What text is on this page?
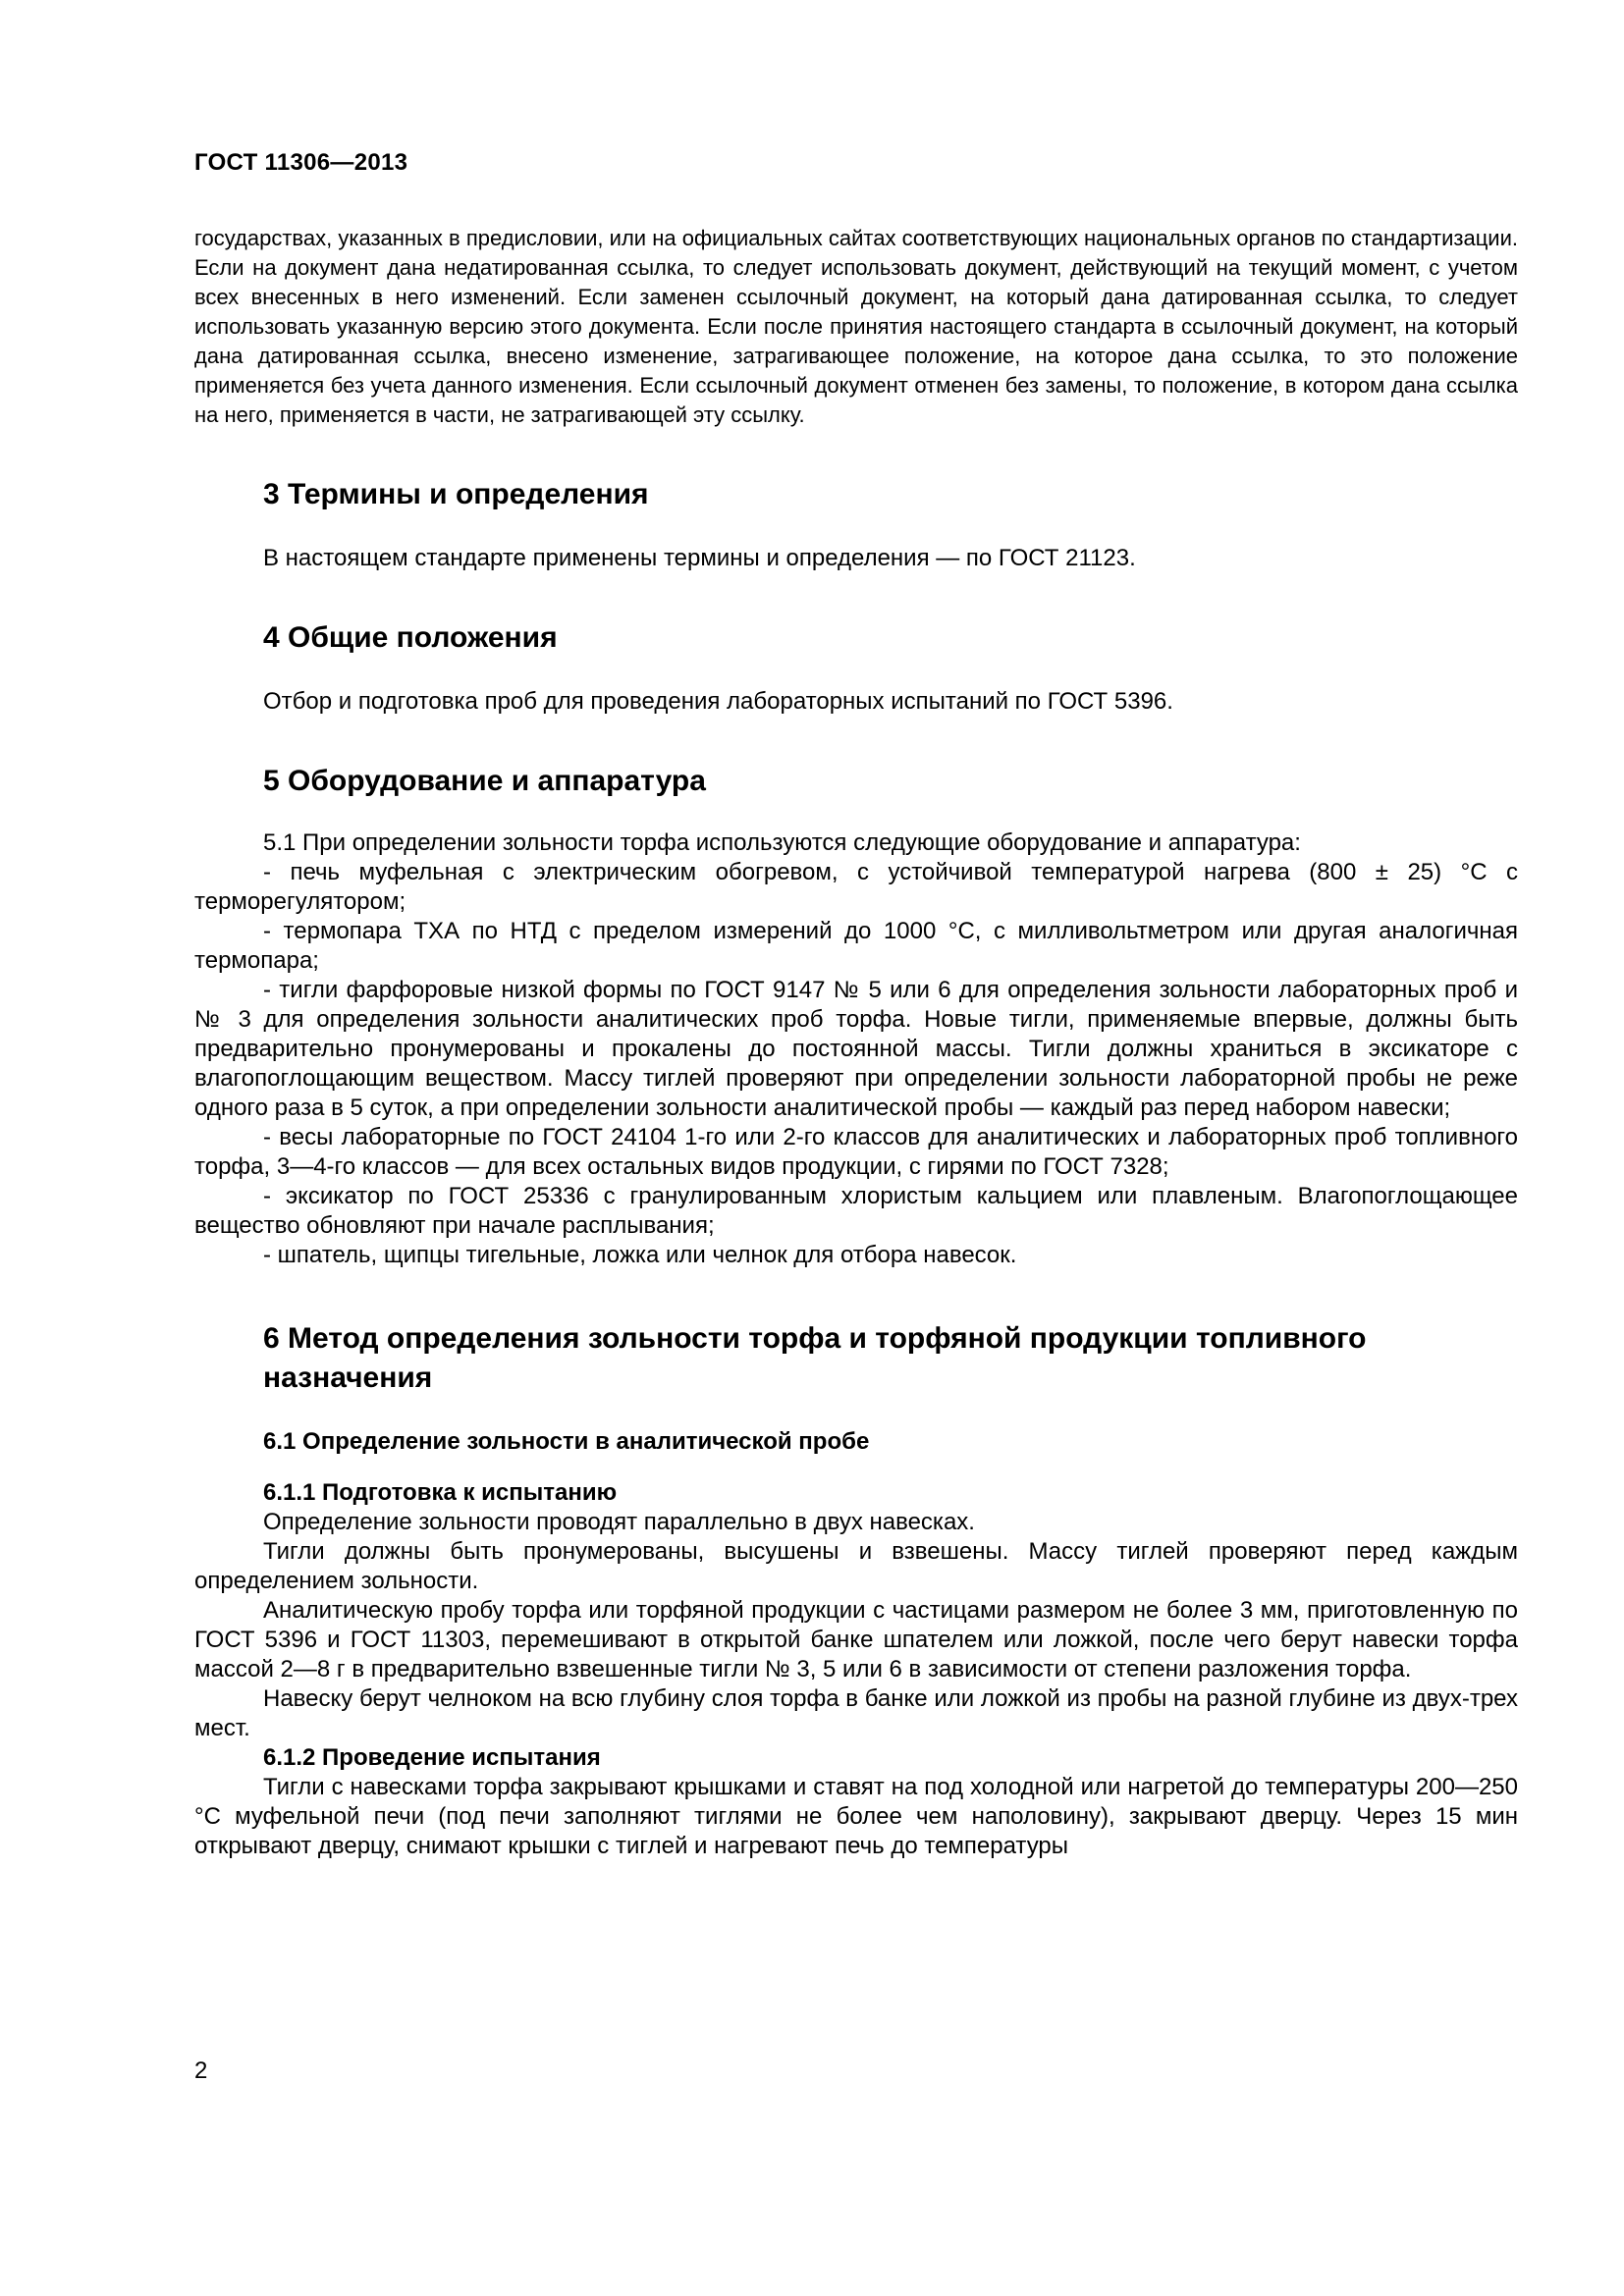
ГОСТ 11306—2013

государствах, указанных в предисловии, или на официальных сайтах соответствующих национальных органов по стандартизации. Если на документ дана недатированная ссылка, то следует использовать документ, действующий на текущий момент, с учетом всех внесенных в него изменений. Если заменен ссылочный документ, на который дана датированная ссылка, то следует использовать указанную версию этого документа. Если после принятия настоящего стандарта в ссылочный документ, на который дана датированная ссылка, внесено изменение, затрагивающее положение, на которое дана ссылка, то это положение применяется без учета данного изменения. Если ссылочный документ отменен без замены, то положение, в котором дана ссылка на него, применяется в части, не затрагивающей эту ссылку.

3 Термины и определения

В настоящем стандарте применены термины и определения — по ГОСТ 21123.

4 Общие положения

Отбор и подготовка проб для проведения лабораторных испытаний по ГОСТ 5396.

5 Оборудование и аппаратура

5.1 При определении зольности торфа используются следующие оборудование и аппаратура:

- печь муфельная с электрическим обогревом, с устойчивой температурой нагрева (800 ± 25) °С с терморегулятором;

- термопара ТХА по НТД с пределом измерений до 1000 °С, с милливольтметром или другая аналогичная термопара;

- тигли фарфоровые низкой формы по ГОСТ 9147 № 5 или 6 для определения зольности лабораторных проб и № 3 для определения зольности аналитических проб торфа. Новые тигли, применяемые впервые, должны быть предварительно пронумерованы и прокалены до постоянной массы. Тигли должны храниться в эксикаторе с влагопоглощающим веществом. Массу тиглей проверяют при определении зольности лабораторной пробы не реже одного раза в 5 суток, а при определении зольности аналитической пробы — каждый раз перед набором навески;

- весы лабораторные по ГОСТ 24104 1-го или 2-го классов для аналитических и лабораторных проб топливного торфа, 3—4-го классов — для всех остальных видов продукции, с гирями по ГОСТ 7328;

- эксикатор по ГОСТ 25336 с гранулированным хлористым кальцием или плавленым. Влагопоглощающее вещество обновляют при начале расплывания;

- шпатель, щипцы тигельные, ложка или челнок для отбора навесок.

6 Метод определения зольности торфа и торфяной продукции топливного назначения
6.1 Определение зольности в аналитической пробе
6.1.1 Подготовка к испытанию

Определение зольности проводят параллельно в двух навесках.

Тигли должны быть пронумерованы, высушены и взвешены. Массу тиглей проверяют перед каждым определением зольности.

Аналитическую пробу торфа или торфяной продукции с частицами размером не более 3 мм, приготовленную по ГОСТ 5396 и ГОСТ 11303, перемешивают в открытой банке шпателем или ложкой, после чего берут навески торфа массой 2—8 г в предварительно взвешенные тигли № 3, 5 или 6 в зависимости от степени разложения торфа.

Навеску берут челноком на всю глубину слоя торфа в банке или ложкой из пробы на разной глубине из двух-трех мест.

6.1.2 Проведение испытания

Тигли с навесками торфа закрывают крышками и ставят на под холодной или нагретой до температуры 200—250 °С муфельной печи (под печи заполняют тиглями не более чем наполовину), закрывают дверцу. Через 15 мин открывают дверцу, снимают крышки с тиглей и нагревают печь до температуры

2
